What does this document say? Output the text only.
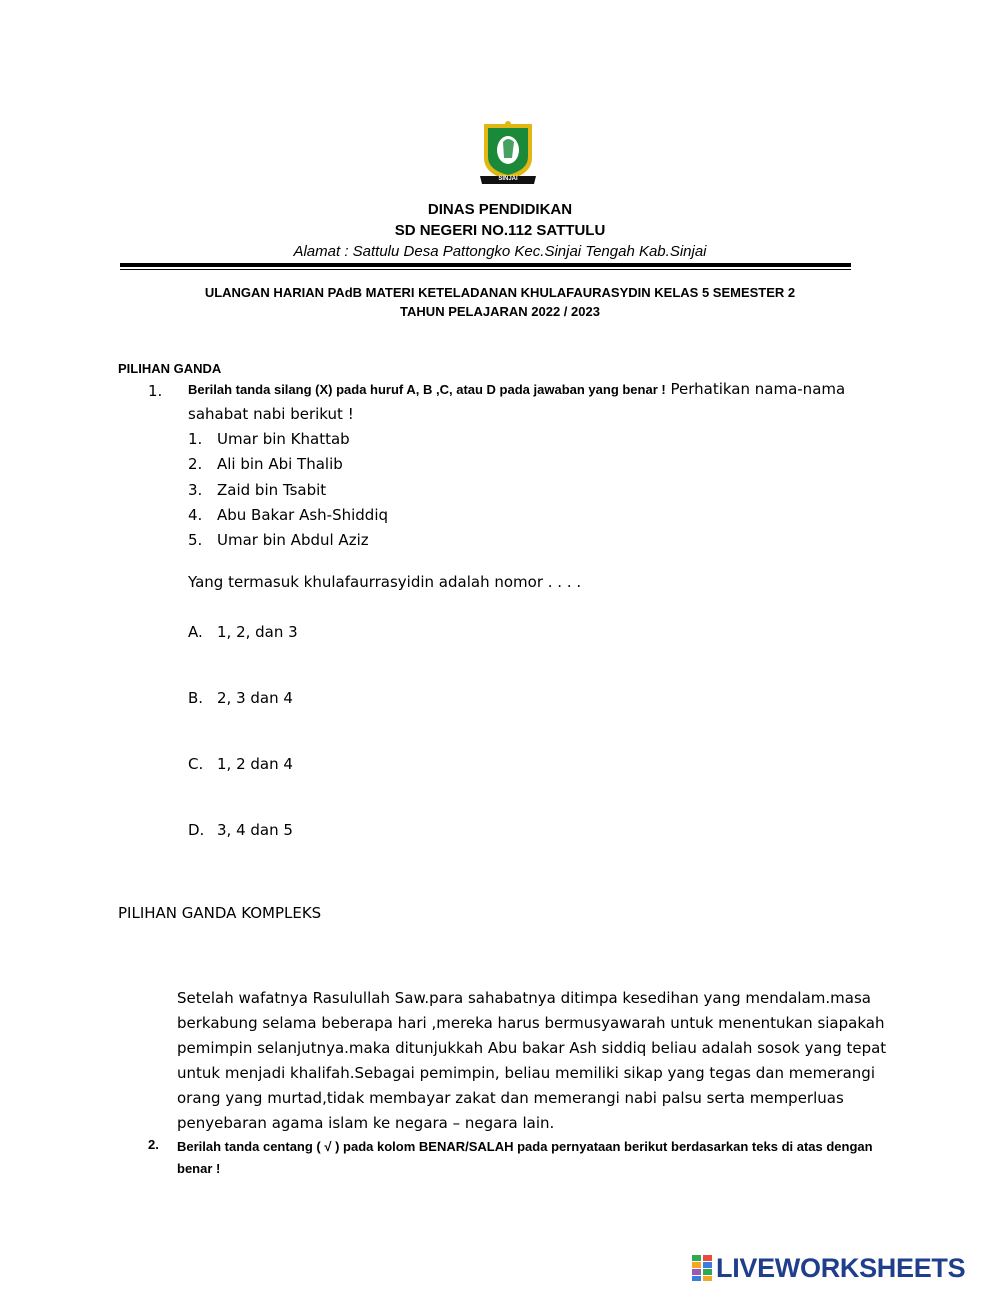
SINJAI
DINAS PENDIDIKAN
SD NEGERI NO.112 SATTULU
Alamat : Sattulu Desa Pattongko Kec.Sinjai Tengah Kab.Sinjai
ULANGAN HARIAN PAdB MATERI KETELADANAN KHULAFAURASYDIN KELAS 5 SEMESTER 2
TAHUN PELAJARAN 2022 / 2023
PILIHAN GANDA
1. Berilah tanda silang (X) pada huruf A, B ,C, atau D pada jawaban yang benar ! Perhatikan nama-nama
sahabat nabi berikut !
1. Umar bin Khattab
2. Ali bin Abi Thalib
3. Zaid bin Tsabit
4. Abu Bakar Ash-Shiddiq
5. Umar bin Abdul Aziz
Yang termasuk khulafaurrasyidin adalah nomor . . . .
A. 1, 2, dan 3
B. 2, 3 dan 4
C. 1, 2 dan 4
D. 3, 4 dan 5
PILIHAN GANDA KOMPLEKS
Setelah wafatnya Rasulullah Saw.para sahabatnya ditimpa kesedihan yang mendalam.masa
berkabung selama beberapa hari ,mereka harus bermusyawarah untuk menentukan siapakah
pemimpin selanjutnya.maka ditunjukkah Abu bakar Ash siddiq beliau adalah sosok yang tepat
untuk menjadi khalifah.Sebagai pemimpin, beliau memiliki sikap yang tegas dan memerangi
orang yang murtad,tidak membayar zakat dan memerangi nabi palsu serta memperluas
penyebaran agama islam ke negara – negara lain.
2. Berilah tanda centang ( √ ) pada kolom BENAR/SALAH pada pernyataan berikut berdasarkan teks di atas dengan
benar !
LIVEWORKSHEETS
